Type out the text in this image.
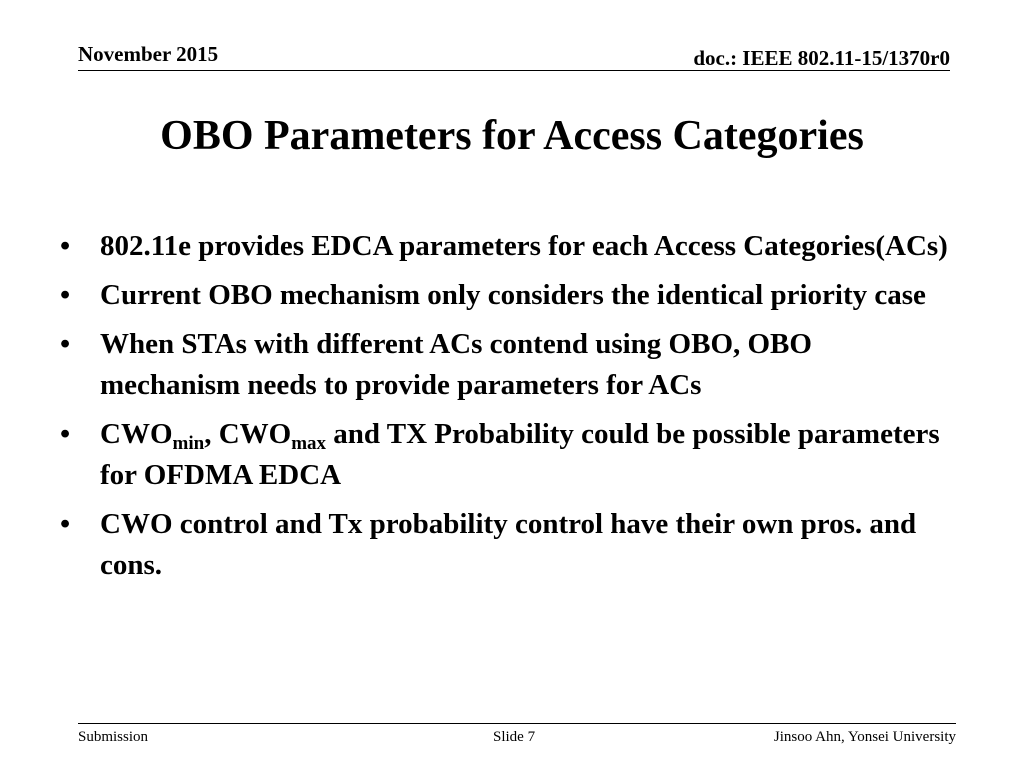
November 2015	doc.: IEEE 802.11-15/1370r0
OBO Parameters for Access Categories
• 802.11e provides EDCA parameters for each Access Categories(ACs)
• Current OBO mechanism only considers the identical priority case
• When STAs with different ACs contend using OBO, OBO mechanism needs to provide parameters for ACs
• $CWO_{min}$, $CWO_{max}$ and TX Probability could be possible parameters for OFDMA EDCA
• CWO control and Tx probability control have their own pros. and cons.
Submission	Slide 7	Jinsoo Ahn, Yonsei University
